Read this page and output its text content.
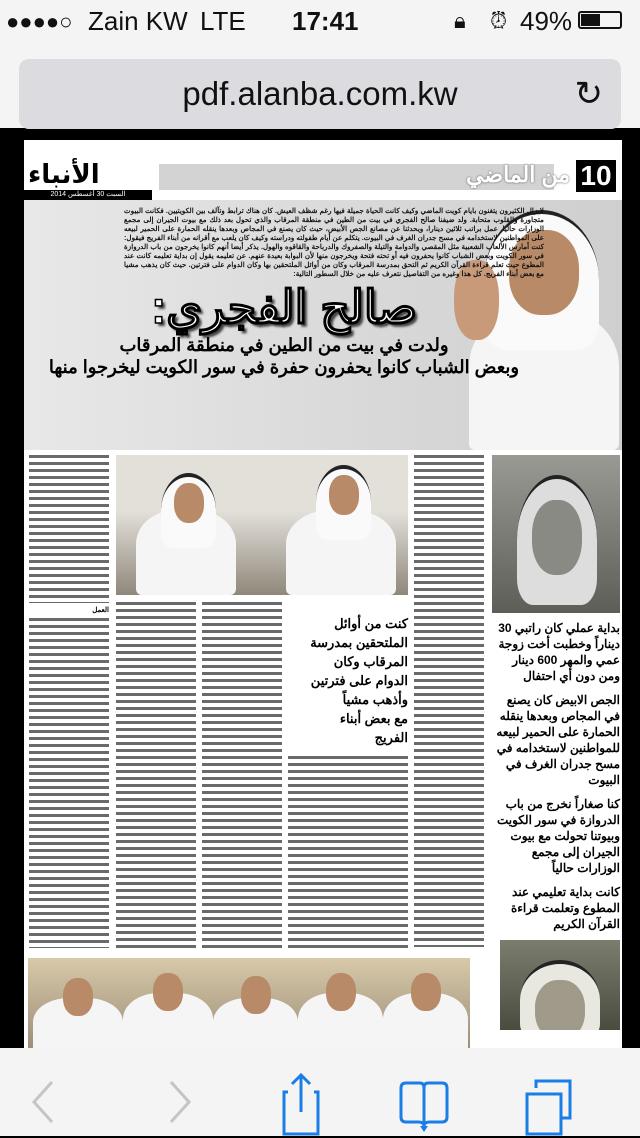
●●●●○ Zain KW LTE 17:41	🔒︎ ⏰︎ 49%
pdf.alanba.com.kw	↻
الأنباء
السبت 30 أغسطس 2014
10
من الماضي
لايزال الكثيرون يتغنون بايام كويت الماضي وكيف كانت الحياة جميلة فيها رغم شظف العيش. كان هناك ترابط وتآلف بين الكويتيين. فكانت البيوت متجاورة والقلوب متحابة. ولد ضيفنا صالح الفجري في بيت من الطين في منطقة المرقاب والذي تحول بعد ذلك مع بيوت الجيران إلى مجمع الوزارات حاليا. عمل براتب ثلاثين دينارا، ويحدثنا عن مصانع الجص الأبيض، حيث كان يصنع في المجاص وبعدها ينقله الحمارة على الحمير لبيعه على المواطنين لاستخدامه في مسح جدران الغرف في البيوت. يتكلم عن أيام طفولته ودراسته وكيف كان يلعب مع أقرانه من أبناء الفريج فيقول: كنت أمارس الألعاب الشعبية مثل المقصي والدوامة والتيلة والصفروك والدرباحة والقاقوه والهول. يذكر أيضا أنهم كانوا يخرجون من باب الدروازة في سور الكويت وبعض الشباب كانوا يحفرون فيه أو تحته فتحة ويخرجون منها لأن البوابة بعيدة عنهم. عن تعليمه يقول إن بداية تعليمه كانت عند المطوع حيث تعلم قراءة القرآن الكريم ثم التحق بمدرسة المرقاب وكان من أوائل الملتحقين بها وكان الدوام على فترتين. حيث كان يذهب مشيا مع بعض أبناء الفريج. كل هذا وغيره من التفاصيل نتعرف عليه من خلال السطور التالية:
صالح الفجري:
ولدت في بيت من الطين في منطقة المرقاب
وبعض الشباب كانوا يحفرون حفرة في سور الكويت ليخرجوا منها
العمل
كنت من أوائل
الملتحقين بمدرسة
المرقاب وكان
الدوام على فترتين
وأذهب مشياً
مع بعض أبناء
الفريج
بداية عملي كان راتبي 30 ديناراً وخطبت أخت زوجة عمي والمهر 600 دينار ومن دون أي احتفال
الجص الابيض كان يصنع في المجاص وبعدها ينقله الحمارة على الحمير لبيعه للمواطنين لاستخدامه في مسح جدران الغرف في البيوت
كنا صغاراً نخرج من باب الدروازة في سور الكويت وبيوتنا تحولت مع بيوت الجيران إلى مجمع الوزارات حالياً
كانت بداية تعليمي عند المطوع وتعلمت قراءة القرآن الكريم
